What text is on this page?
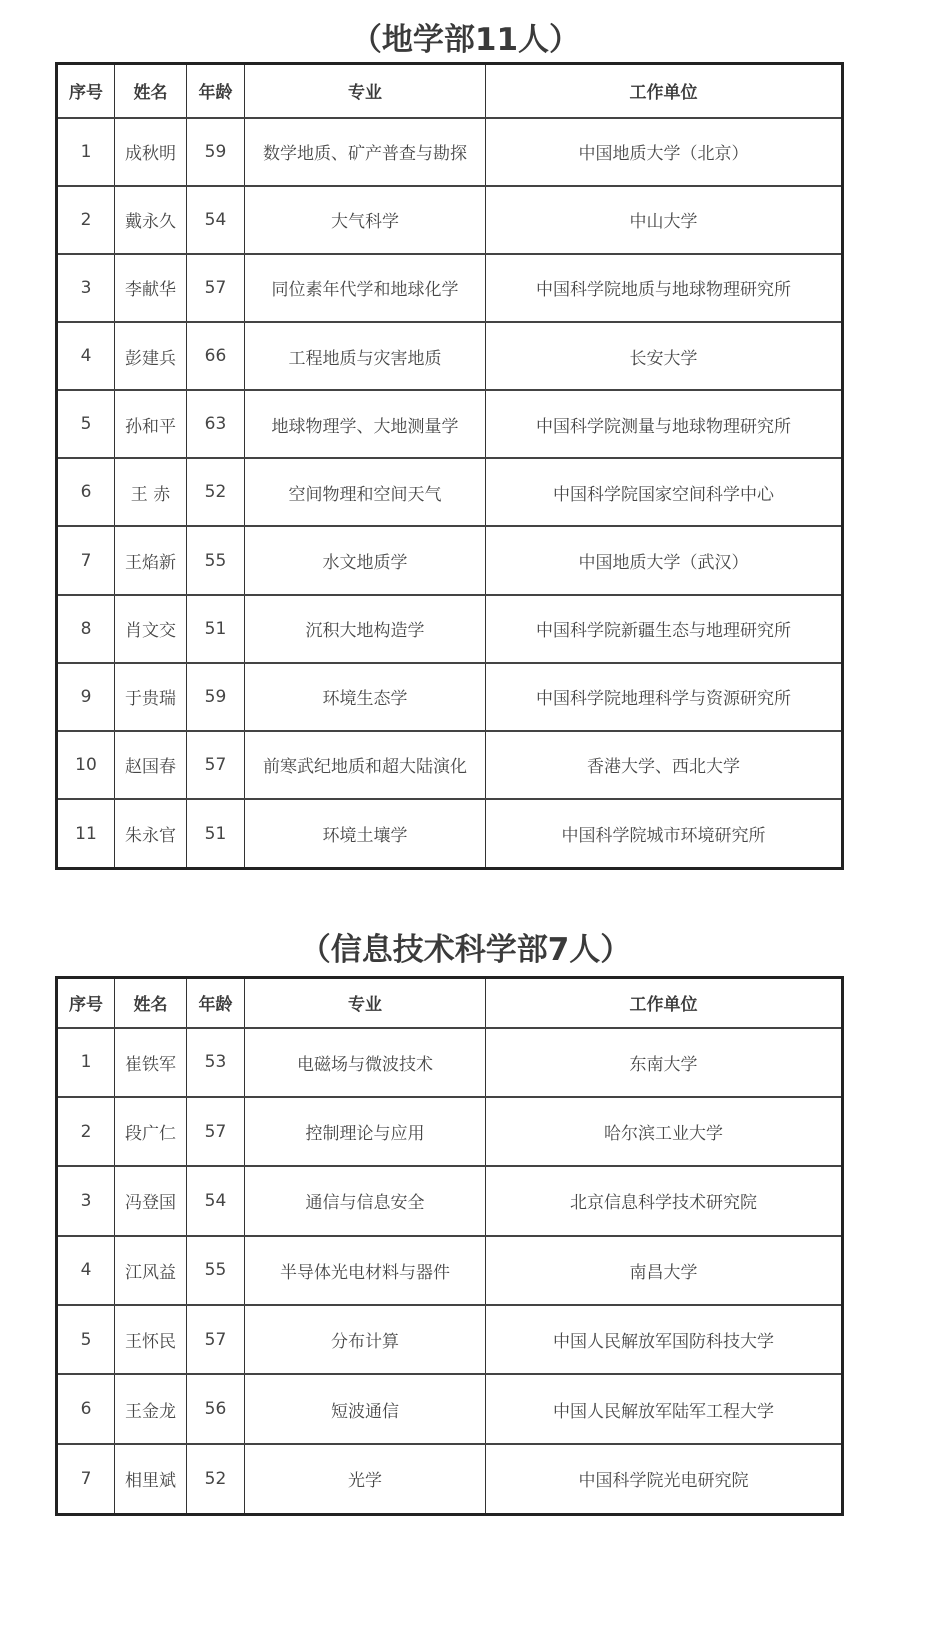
（地学部11人）
序号	姓名	年龄	专业	工作单位
1	成秋明	59	数学地质、矿产普查与勘探	中国地质大学（北京）
2	戴永久	54	大气科学	中山大学
3	李献华	57	同位素年代学和地球化学	中国科学院地质与地球物理研究所
4	彭建兵	66	工程地质与灾害地质	长安大学
5	孙和平	63	地球物理学、大地测量学	中国科学院测量与地球物理研究所
6	王 赤	52	空间物理和空间天气	中国科学院国家空间科学中心
7	王焰新	55	水文地质学	中国地质大学（武汉）
8	肖文交	51	沉积大地构造学	中国科学院新疆生态与地理研究所
9	于贵瑞	59	环境生态学	中国科学院地理科学与资源研究所
10	赵国春	57	前寒武纪地质和超大陆演化	香港大学、西北大学
11	朱永官	51	环境土壤学	中国科学院城市环境研究所
（信息技术科学部7人）
序号	姓名	年龄	专业	工作单位
1	崔铁军	53	电磁场与微波技术	东南大学
2	段广仁	57	控制理论与应用	哈尔滨工业大学
3	冯登国	54	通信与信息安全	北京信息科学技术研究院
4	江风益	55	半导体光电材料与器件	南昌大学
5	王怀民	57	分布计算	中国人民解放军国防科技大学
6	王金龙	56	短波通信	中国人民解放军陆军工程大学
7	相里斌	52	光学	中国科学院光电研究院
